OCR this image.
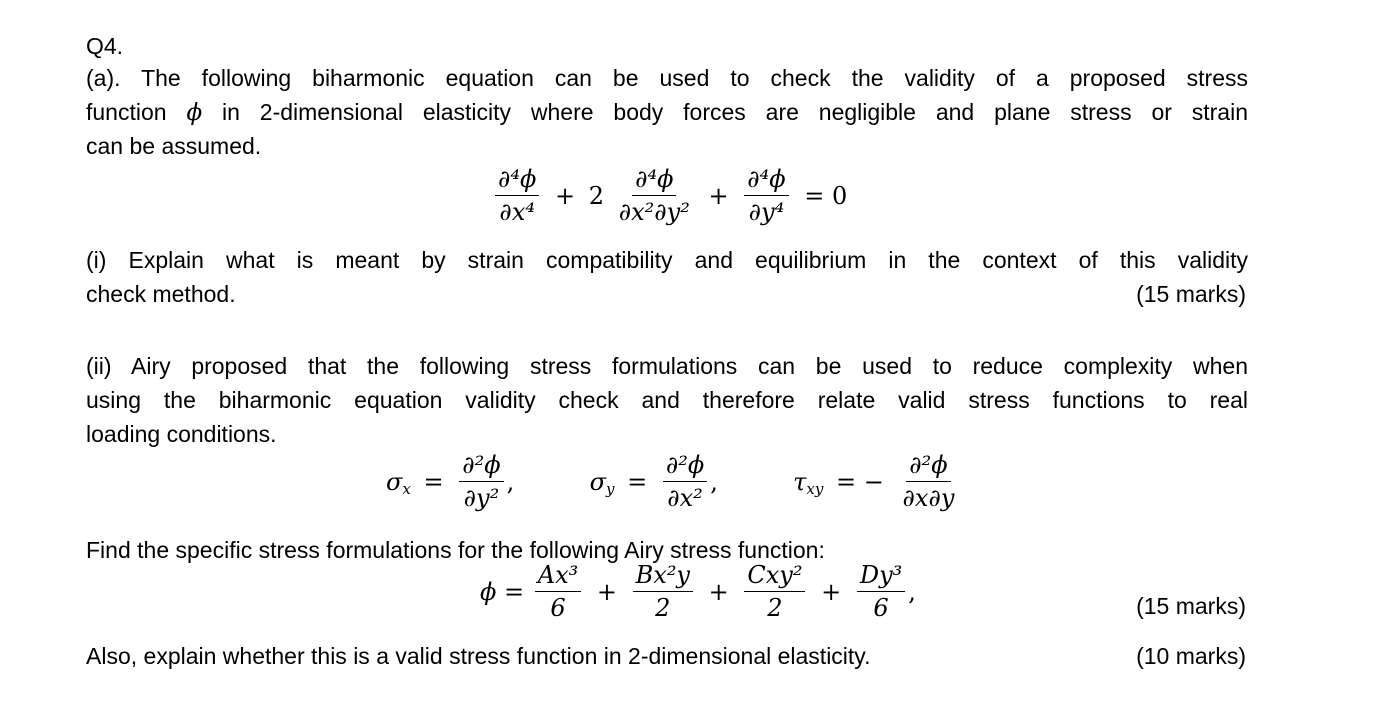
Q4.
(a). The following biharmonic equation can be used to check the validity of a proposed stress
function ϕ in 2-dimensional elasticity where body forces are negligible and plane stress or strain
can be assumed.
$\frac{\text{∂⁴ϕ}}{\text{∂x⁴}} + 2 \frac{\text{∂⁴ϕ}}{\text{∂x²∂y²}} + \frac{\text{∂⁴ϕ}}{\text{∂y⁴}} = 0$
(i) Explain what is meant by strain compatibility and equilibrium in the context of this validity
check method.	(15 marks)
(ii) Airy proposed that the following stress formulations can be used to reduce complexity when
using the biharmonic equation validity check and therefore relate valid stress functions to real
loading conditions.
$\sigma_x = \frac{\text{∂²ϕ}}{\text{∂y²}}$ ,	$\sigma_y = \frac{\text{∂²ϕ}}{\text{∂x²}}$ ,	$\tau_{xy}$ = − $\frac{\text{∂²ϕ}}{\partial x\partial y}$
Find the specific stress formulations for the following Airy stress function:
$\phi = \frac{\text{Ax³}}{6} + \frac{\text{Bx²y}}{2} + \frac{\text{Cxy²}}{2} + \frac{\text{Dy³}}{6}$ ,
(15 marks)
Also, explain whether this is a valid stress function in 2-dimensional elasticity.	(10 marks)
